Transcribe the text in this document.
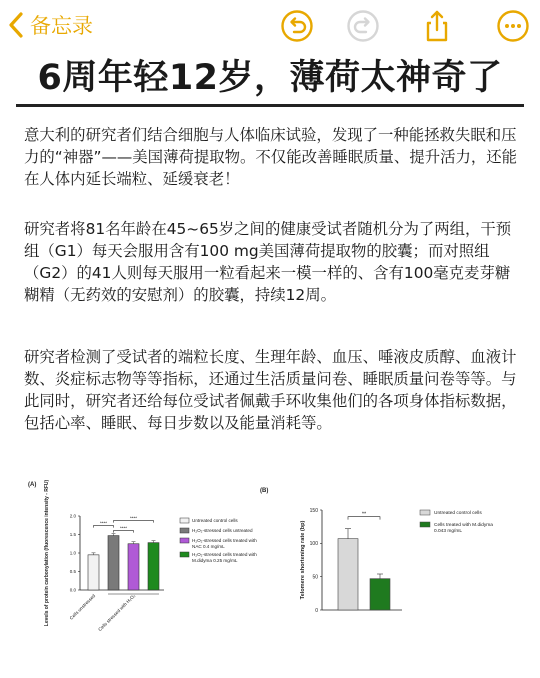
备忘录
6周年轻12岁，薄荷太神奇了
意大利的研究者们结合细胞与人体临床试验，发现了一种能拯救失眠和压力的“神器”——美国薄荷提取物。不仅能改善睡眠质量、提升活力，还能在人体内延长端粒、延缓衰老！
研究者将81名年龄在45~65岁之间的健康受试者随机分为了两组，干预组（G1）每天会服用含有100 mg美国薄荷提取物的胶囊；而对照组（G2）的41人则每天服用一粒看起来一模一样的、含有100毫克麦芽糖糊精（无药效的安慰剂）的胶囊，持续12周。
研究者检测了受试者的端粒长度、生理年龄、血压、唾液皮质醇、血液计数、炎症标志物等等指标，还通过生活质量问卷、睡眠质量问卷等等。与此同时，研究者还给每位受试者佩戴手环收集他们的各项身体指标数据，包括心率、睡眠、每日步数以及能量消耗等。
(A) Levels of protein carbonylation (fluorescence intensity - RFU)	0.0
0.5
1.0
1.5
2.0
****
****
****
Cells unstressed Cells stressed with H₂O₂
Untreated control cells
H₂O₂-stressed cells untreated
H₂O₂-stressed cells treated with
NAC 0.4 mg/mL
H₂O₂-stressed cells treated with
M.didyma 0.25 mg/mL
(B)
Telomere shortening rate (bp)
0
50
100
150
**	Untreated control cells
Cells treated with M.didyma
0.043 mg/mL
